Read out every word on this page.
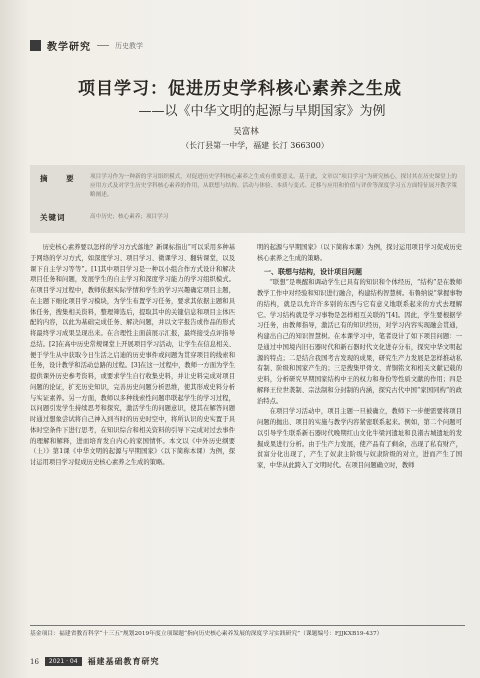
教学研究	历史教学
项目学习：促进历史学科核心素养之生成
——以《中华文明的起源与早期国家》为例
吴富林
（长汀县第一中学，福建 长汀 366300）
摘 要 项目学习作为一种新的学习组织模式，对促进历史学科核心素养之生成有重要意义。基于此，文章以“项目学习”为研究核心，探讨其在历史课堂上的应用方式及对学生历史学科核心素养的作用，从联想与结构、活动与体验、本质与变式、迁移与应用和价值与评价等深度学习五方面特征展开教学策略阐述。
关键词	高中历史；核心素养；项目学习

历史核心素养要以怎样的学习方式落地？新课标指出“可以采用多种基于网络的学习方式，如深度学习、项目学习、微课学习、翻转课堂，以及课下自主学习等等”。[1]其中项目学习是一种以小组合作方式设计和解决项目任务和问题，发展学生的自主学习和深度学习能力的学习组织模式。在项目学习过程中，教师依据实际学情和学生的学习兴趣确定项目主题，在主题下细化项目学习模块，为学生布置学习任务，要求其依据主题和具体任务，搜集相关资料，整理筛选后，提取其中的关键信息和项目主体匹配的内容，以此为基础完成任务、解决问题，并以文字报告或作品的形式将最终学习成果呈现出来。在合理性主面前展示汇报，最终接受点评指导总结。[2]在高中历史常规课堂上开展项目学习活动，让学生在信息相关、便于学生从中获取今日生活之启迪的历史事件或问题为贯穿项目的线索和任务，设计教学和活动总路的过程。[3]在这一过程中，教师一方面为学生提供课外历史参考资料，或要求学生自行收集史料，并让史料完成对项目问题的论证，扩充历史知识，完善历史问题分析思维，使其形成史料分析与实证素养。另一方面，教师以多种线索性问题串联起学生的学习过程，以问题引发学生持续思考和探究，激活学生的问题意识，使其在解答问题时通过想象尝试将自己神入到当时的历史时空中，将所认识的史实置于具体时空条件下进行思考，在知识综合和相关资料的引导下完成对过去事件的理解和解释，进而培育发自内心的家国情怀。本文以《中外历史纲要（上）》第1课《中华文明的起源与早期国家》（以下简称本课）为例，探讨运用项目学习促成历史核心素养之生成的策略。

明的起源与早期国家》（以下简称本课）为例，探讨运用项目学习促成历史核心素养之生成的策略。

一、联想与结构，设计项目问题

“联想”是唤醒和调动学生已具有的知识和个体经历，“结构”是在教师教学工作中对经验和知识进行融合，构建结构智慧树。布鲁纳说“掌握事物的结构，就是以允许许多别的东西与它有意义地联系起来的方式去理解它。学习结构就是学习事物是怎样相互关联的”[4]。因此，学生要根据学习任务，由教师指导，激活已有的知识经历，对学习内容实现融会贯通，构建出自己的知识智慧树。在本课学习中，笔者设计了如下项目问题：一是通过中国境内旧石器时代和新石器时代文化进存分布，探究中华文明起源的特点；二是结合我国考古发现的成果，研究生产力发展是怎样推动私有制、阶级和国家产生的；三是搜集甲骨文、青铜铭文和相关文献记载的史料，分析研究早期国家结构中王的权力和身份等性质文献的作用；四是解释王位世袭制、宗法制和分封制的内涵，探究古代中国“家国同构”的政治特点。

在项目学习活动中，项目主题一旦被确立，教师下一步便需要将项目问题的抛出、项目的实施与教学内容紧密联系起来。例如，第二个问题可以引导学生联系新石器时代晚期红山文化牛梁河遗址和良渚古城遗址的发掘成果进行分析。由于生产力发展，使产品有了剩余，出现了私有财产，贫富分化出现了，产生了奴隶主阶级与奴隶阶级的对立，进而产生了国家，中华从此跨入了文明时代。在项目问题确立时，教师

基金项目：福建省教育科学“十三五”规划2019年度立项课题“指向历史核心素养发展的深度学习实践研究”（课题编号：FJJKXB19-437）
16	2021 · 04	福建基础教育研究
